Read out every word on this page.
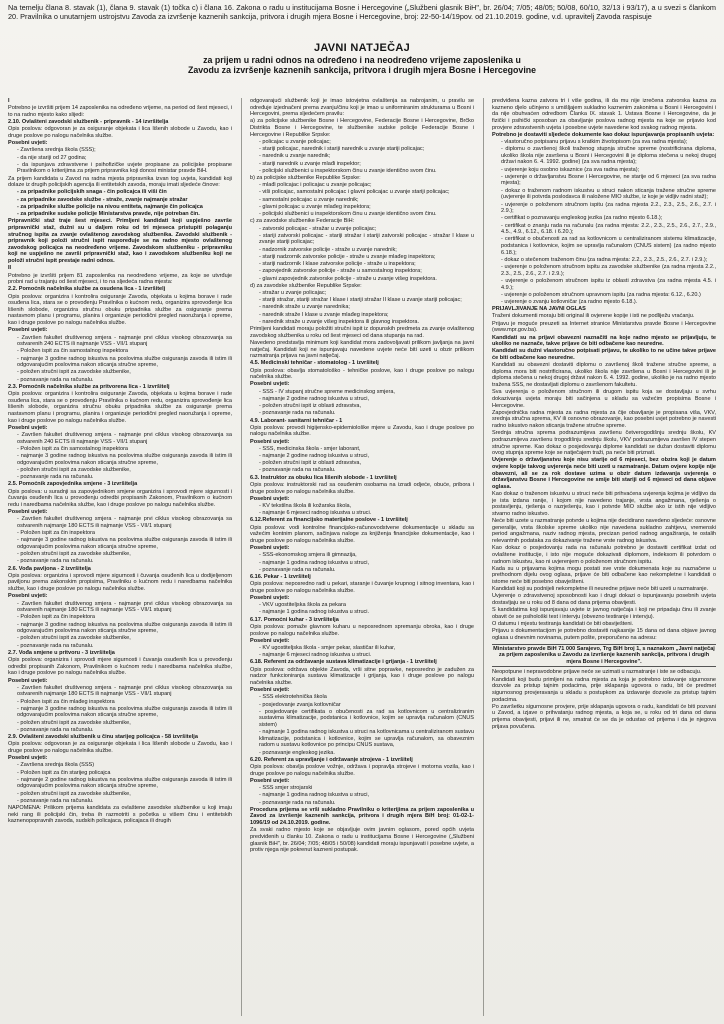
Na temelju člana 8. stavak (1), člana 9. stavak (1) točka c) i člana 16. Zakona o radu u institucijama Bosne i Hercegovine („Službeni glasnik BiH", br. 26/04; 7/05; 48/05; 50/08, 60/10, 32/13 i 93/17), a u svezi s člankom 20. Pravilnika o unutarnjem ustrojstvu Zavoda za izvršenje kaznenih sankcija, pritvora i drugih mjera Bosne i Hercegovine, broj: 22-50-14/19pov. od 21.10.2019. godine, v.d. upravitelj Zavoda raspisuje
JAVNI NATJEČAJ
za prijem u radni odnos na određeno i na neodređeno vrijeme zaposlenika u
Zavodu za izvršenje kaznenih sankcija, pritvora i drugih mjera Bosne i Hercegovine

I

Potrebno je izvršiti prijem 14 zaposlenika na određeno vrijeme, na period od šest mjeseci, i to na radno mjesto kako slijedi:

2.10. Ovlašteni zavodski službenik - pripravnik - 14 izvršitelja

Opis poslova: odgovoran je za osiguranje objekata i lica lišenih slobode u Zavodu, kao i druge poslove po nalogu načelnika službe.

Posebni uvjeti:

- Završena srednja škola (SSS);

- da nije stariji od 27 godina;

- da ispunjava zdravstvene i psihofizičke uvjete propisane za policijske propisane Pravilnikom o kriterijima za prijem pripravnika koji donosi ministar pravde BiH.

Za prijem kandidata u Zavod na radna mjesta pripravnika izvan tog uvjeta, kandidati koji dolaze iz drugih policijskih agencija ili entitetskih zavoda, moraju imati sljedeće činove:

- za pripadnike policijskih snaga - čin policajca ili viši čin

- za pripadnike zavodske službe - straže, zvanje najmanje stražar

- za pripadnike službe policije na nivou entiteta, najmanje čin policajca

- za pripadnike sudske policije Ministarstva pravde, nije potreban čin.

Pripravnički staž traje šest mjeseci. Primljeni kandidati koji uspješno završe pripravnički staž, dužni su u daljem roku od tri mjeseca pristupiti polaganju stručnog ispita za zvanje ovlaštenog zavodskog službenika. Zavodski službenik - pripravnik koji položi stručni ispit raspoređuje se na radno mjesto ovlaštenog zavodskog policajca na neodređeno vrijeme. Zavodskom službeniku - pripravniku koji ne uspješno ne završi pripravnički staž, kao i zavodskom službeniku koji ne položi stručni ispit prestaje radni odnos.

II

Potrebno je izvršiti prijem 81 zaposlenika na neodređeno vrijeme, za koje se utvrđuje probni rad u trajanju od šest mjeseci, i to na sljedeća radna mjesta:

2.2. Pomoćnik načelnika službe za osudena lica - 1 izvršitelj

Opis poslova: organizira i kontrolira osiguranje Zavoda, objekata u kojima borave i rade osuđena lica, stara se o provođenju Pravilnika o kućnom redu, organizira sprovođenje lica lišenih slobode, organizira stručnu obuku pripadnika službe za osiguranje prema nastavnom planu i programu, planira i organizuje periodični pregled naoružanja i opreme, kao i druge poslove po nalogu načelnika službe.

Posebni uvjeti:

- Završen fakultet društvenog smjera - najmanje prvi ciklus visokog obrazovanja sa ostvarenih 240 ECTS ili najmanje VSS - VII/1 stupanj

- Položen ispit za čin samostalnog inspektora

- najmanje 3 godine radnog iskustva na poslovima službe osiguranja zavoda ili istim ili odgovarajućim poslovima nakon sticanja stručne spreme,

- položen stručni ispit za zavodske službenike,

- poznavanje rada na računalu.

2.3. Pomoćnik načelnika službe za pritvorena lica - 1 izvršitelj

Opis poslova: organizira i kontrolira osiguranje Zavoda, objekata u kojima borave i rade osuđena lica, stara se o provođenju Pravilnika o kućnom redu, organizira sprovođenje lica lišenih slobode, organizira stručnu obuku pripadnika službe za osiguranje prema nastavnom planu i programu, planira i organizuje periodični pregled naoružanja i opreme, kao i druge poslove po nalogu načelnika službe.

Posebni uvjeti:

- Završen fakultet društvenog smjera - najmanje prvi ciklus visokog obrazovanja sa ostvarenih 240 ECTS ili najmanje VSS - VII/1 stupanj

- Položen ispit za čin samostalnog inspektora

- najmanje 3 godine radnog iskustva na poslovima službe osiguranja zavoda ili istim ili odgovarajućim poslovima nakon sticanja stručne spreme,

- položen stručni ispit za zavodske službenike,

- poznavanje rada na računalu.

2.5. Pomoćnik zapovjednika smjene - 3 izvršitelja

Opis poslova: u suradnji sa zapovjednikom smjene organizira i sprovodi mjere sigurnosti i čuvanja osuđenih lica u provođenju odredbi propisanih Zakonom, Pravilnikom o kućnom redu i naredbama načelnika službe, kao i druge poslove po nalogu načelnika službe.

Posebni uvjeti:

- Završen fakultet društvenog smjera - najmanje prvi ciklus visokog obrazovanja sa ostvarenih najmanje 180 ECTS ili najmanje VSS - VII/1 stupanj

- Položen ispit za čin inspektora

- najmanje 3 godine radnog iskustva na poslovima službe osiguranja zavoda ili istim ili odgovarajućim poslovima nakon sticanja stručne spreme,

- položen stručni ispit za zavodske službenike,

- poznavanje rada na računalu.

2.6. Vođa pavljona - 2 izvršitelja

Opis poslova: organizira i sprovodi mjere sigurnosti i čuvanja osuđenih lica u dodijeljenom paviljonu prema zakonskim propisima, Pravilniku o kućnom redu i naredbama načelnika službe, kao i druge poslove po nalogu načelnika službe.

Posebni uvjeti:

- Završen fakultet društvenog smjera - najmanje prvi ciklus visokog obrazovanja sa ostvarenih najmanje 180 ECTS ili najmanje VSS - VII/1 stupanj

- Položen ispit za čin inspektora

- najmanje 3 godine radnog iskustva na poslovima službe osiguranja zavoda ili istim ili odgovarajućim poslovima nakon sticanja stručne spreme,

- položen stručni ispit za zavodske službenike,

- poznavanje rada na računalu.

2.7. Vođa smjene u pritvoru - 3 izvršitelja

Opis poslova: organizira i sprovodi mjere sigurnosti i čuvanja osuđenih lica u provođenju odredbi propisanih Zakonom, Pravilnikom o kućnom redu i naredbama načelnika službe, kao i druge poslove po nalogu načelnika službe.

Posebni uvjeti:

- Završen fakultet društvenog smjera - najmanje prvi ciklus visokog obrazovanja sa ostvarenih najmanje 180 ECTS ili najmanje VSS - VII/1 stupanj

- Položen ispit za čin mlađeg inspektora

- najmanje 3 godine radnog iskustva na poslovima službe osiguranja zavoda ili istim ili odgovarajućim poslovima nakon sticanja stručne spreme,

- položen stručni ispit za zavodske službenike,

- poznavanje rada na računalu.

2.9. Ovlašteni zavodski službenik u činu starijeg policajca - 58 izvršitelja

Opis poslova: odgovoran je za osiguranje objekata i lica lišenih slobode u Zavodu, kao i druge poslove po nalogu načelnika službe.

Posebni uvjeti:

- Završena srednja škola (SSS)

- Položen ispit za čin starijeg policajca

- najmanje 2 godine radnog iskustva na poslovima službe osiguranja zavoda ili istim ili odgovarajućim poslovima nakon sticanja stručne spreme,

- položen stručni ispit za zavodske službenike,

- poznavanje rada na računalu.

NAPOMENA: Prilikom prijema kandidata za ovlaštene zavodske službenike u koji imaju neki rang ili policijski čin, treba ih razmotriti s početka u višem činu i entitetskih kaznenopopravnih zavoda, sudskih policajaca, policajaca ili drugih

odgovarajući službenik koji je imao istovjetna ovlaštenja sa nabrojanim, u pravilu se određuje izjednačeni prema zvanju/činu koji je imao u uniformiranim strukturama u Bosni i Hercegovini, prema sljedećem pravilu:

a) za policijske službenike Bosne i Hercegovine, Federacije Bosne i Hercegovine, Brčko Distrikta Bosne i Hercegovine, te službenike sudske policije Federacije Bosne i Hercegovine i Republike Srpske:

- policajac u zvanje policajac;

- stariji policajac, narednik i stariji narednik u zvanje stariji policajac;

- narednik u zvanje narednik;

- stariji narednik u zvanje mlađi inspektor;

- policijski službenici u inspektorskom činu u zvanje identično svom činu.

b) za policijske službenike Republike Srpske:

- mlađi policajac i policajac u zvanje policajac;

- viši policajac, samostalni policajac i glavni policajac u zvanje stariji policajac;

- samostalni policajac u zvanje narednik;

- glavni policajac u zvanje mlađeg inspektora;

- policijski službenici u inspektorskom činu u zvanje identično svom činu.

c) za zavodske službenike Federacije BiH:

- zatvorski policajac - stražar u zvanje policajac;

- stariji zatvorski policajac - stariji stražar i stariji zatvorski policajac - stražar I klase u zvanje stariji policajac;

- nadzornik zatvorske policije - straže u zvanje narednik;

- stariji nadzornik zatvorske policije - straže u zvanje mlađeg inspektora;

- stariji nadzornik I klase zatvorske policije - straže u inspektora;

- zapovjednik zatvorske policije - straže u samostalnog inspektora;

- glavni zapovjednik zatvorske policije - straže u zvanje višeg inspektora.

d) za zavodske službenike Republike Srpske:

- stražar u zvanje policajac;

- stariji stražar, stariji stražar I klase i stariji stražar II klase u zvanje stariji policajac;

- narednik straže u zvanje narednika;

- narednik straže I klase u zvanje mlađeg inspektora;

- narednik straže u zvanje višeg inspektora ili glavnog inspektora.

Primljeni kandidati moraju položiti stručni ispit iz dopunskih predmeta za zvanje ovlaštenog zavodskog službenika u roku od šest mjeseci od dana stupanja na rad.

Navedeno predstavlja minimum koji kandidat mora zadovoljavati prilikom javljanja na javni natječaj. Kandidati koji ne ispunjavaju navedene uvjete neće biti uzeti u obzir prilikom razmatranja prijava na javni natječaj.

4.5. Medicinski tehničar - stomatolog - 1 izvršitelj

Opis poslova: obavlja stomatološko - tehničke poslove, kao i druge poslove po nalogu načelnika službe.

Posebni uvjeti:

- SSS - IV stupanj stručne spreme medicinskog smjera,

- najmanje 2 godine radnog iskustva u struci,

- položen stručni ispit iz oblasti zdravstva,

- poznavanje rada na računalu.

4.9. Laborant- sanitarni tehničar - 1

Opis poslova: provodi higijensko-epidemiološke mjere u Zavodu, kao i druge poslove po nalogu načelnika službe.

Posebni uvjeti:

- SSS, medicinska škola - smjer laborant,

- najmanje 2 godine radnog iskustva u struci,

- položen stručni ispit iz oblasti zdravstva,

- poznavanje rada na računalu.

6.3. Instruktor za obuku lica lišenih slobode - 1 izvršitelj

Opis poslova: instruktorski rad sa osuđenim osobama na izradi odjeće, obuće, pribora i druge poslove po nalogu načelnika službe.

Posebni uvjeti:

- KV tekstilna škola ili kožarska škola,

- najmanje 6 mjeseci radnog iskustva u struci.

6.12.Referent za financijsko materijalne poslove - 1 izvršitelj

Opis poslova: vodi kontrolne financijsko-računovodstvene dokumentacije u skladu sa važećim kontnim planom, sačinjava naloge za knjiženja financijske dokumentacije, kao i druge poslove po nalogu načelnika službe.

Posebni uvjeti:

- SSS-ekonomskog smjera ili gimnazija,

- najmanje 1 godina radnog iskustva u struci,

- poznavanje rada na računalu.

6.16. Pekar - 1 izvršitelj

Opis poslova: neposredno radi u pekari, staranje i čuvanje krupnog i sitnog inventara, kao i druge poslove po nalogu načelnika službe.

Posebni uvjeti:

- VKV ugostiteljska škola za pekara

- najmanje 1 godina radnog iskustva u struci.

6.17. Pomoćni kuhar - 3 izvršitelja

Opis poslova: pomaže glavnom kuharu u neposrednom spremanju obroka, kao i druge poslove po nalogu načelnika službe.

Posebni uvjeti:

- KV ugostiteljska škola - smjer pekar, slastičar ili kuhar,

- najmanje 6 mjeseci radnog iskustva u struci.

6.18. Referent za održavanje sustava klimatizacije i grijanja - 1 izvršitelj

Opis poslova: održava objekte Zavoda, vrši sitne popravke, neposredno je zadužen za nadzor funkcioniranja sustava klimatizacije i grijanja, kao i druge poslove po nalogu načelnika službe.

Posebni uvjeti:

- SSS elektrotehnička škola

- posjedovanje zvanja kotlovničar

- posjedovanje certifikata o obučenosti za rad sa kotlovnicom u centraliziranim sustavima klimatizacije, podstanica i kotlovnice, kojim se upravlja računalom (CNUS sistem)

- najmanje 1 godina radnog iskustva u struci na kotlovnicama u centraliziranom sustavu klimatizacije, podstanica i kotlovnice, kojim se upravlja računalom, sa obaveznim radom u sustavu kotlovnice po principu CNUS sustava,

- poznavanje engleskog jezika.

6.20. Referent za upravljanje i održavanje strojeva - 1 izvršitelj

Opis poslova: obavlja poslove vožnje, održava i popravlja strojeve i motorna vozila, kao i druge poslove po nalogu načelnika službe.

Posebni uvjeti:

- SSS smjer strojarski

- najmanje 1 godina radnog iskustva u struci,

- poznavanje rada na računalu.

Procedura prijema se vrši sukladno Pravilniku o kriterijima za prijem zaposlenika u Zavod za izvršenje kaznenih sankcija, pritvora i drugih mjera BiH broj: 01-02-1-1096/19 od 24.10.2019. godine.

Za svaki radno mjesto koje se objavljuje ovim javnim oglasom, pored općih uvjeta predviđenih u članku 10. Zakona o radu u institucijama Bosne i Hercegovine („Službeni glasnik BiH", br. 26/04; 7/05; 48/05 i 50/08) kandidati moraju ispunjavati i posebne uvjete, a protiv njega nije pokrenut kazneni postupak.

predviđena kazna zatvora tri i više godina, ili da mu nije izrečena zatvorska kazna za kazneno djelo učinjeno s umišljajem sukladno kaznenim zakonima u Bosni i Hercegovini i da nije obuhvaćen odredbom Članka IX. stavak 1. Ustava Bosne i Hercegovine, da je fizički i psihički sposoban za obavljanje poslova radnog mjesta na koje se prijavio kod provjere zdravstvenih uvjeta i posebne uvjete navedene kod svakog radnog mjesta.

Potrebno je dostaviti sljedeće dokumente kao dokaz ispunjavanja propisanih uvjeta:

- vlastoručno potpisanu prijavu s kratkim životopisom (za sva radna mjesta);

- diplomu o završenoj školi traženog stupnja stručne spreme (nostrificirana diploma, ukoliko škola nije završena u Bosni i Hercegovini ili je diploma stečena u nekoj drugoj državi nakon 6. 4. 1992. godine) (za sva radna mjesta);

- uvjerenje koju osobno iskaznice (za sva radna mjesta);

- uvjerenje o državljanstvu Bosne i Hercegovine, ne starije od 6 mjeseci (za sva radna mjesta);

- dokaz o traženom radnom iskustvu u struci nakon sticanja tražene stručne spreme (uvjerenje ili potvrda poslodavca ili naložene MIO službe, iz koje je vidljiv radni staž);

- uvjerenje o položenom stručnom ispitu (za radna mjesta 2.2., 2.3., 2.5., 2.6., 2.7. i 2.9.);

- certifikat o poznavanju engleskog jezika (za radno mjesto 6.18.);

- certifikat o znanju rada na računalu (za radna mjesta: 2.2., 2.3., 2.5., 2.6., 2.7., 2.9., 4.5., 4.9., 6.12., 6.18. i 6.20.);

- certifikat o obučenosti za rad sa kotlovnicom u centraliziranom sistemu klimatizacije, podstanica i kotlovnice, kojim se upravlja računalom (CNUS sistem) (za radno mjesto 6.18.);

- dokaz o stečenom traženom činu (za radna mjesta: 2.2., 2.3., 2.5., 2.6., 2.7. i 2.9.);

- uvjerenje o položenom stručnom ispitu za zavodske službenike (za radna mjesta 2.2., 2.3., 2.5., 2.6., 2.7. i 2.9.);

- uvjerenje o položenom stručnom ispitu iz oblasti zdravstva (za radna mjesta 4.5. i 4.9.);

- uvjerenje o položenom stručnom upravnom ispitu (za radna mjesta: 6.12., 6.20.)

- uvjerenje o zvanju kotlovničar (za radno mjesto 6.18.).

PRIJAVLJIVANJE NA JAVNI OGLAS

Traženi dokumenti moraju biti original ili ovjerene kopije i isti ne podliježu vraćanju.

Prijavu je moguće preuzeti sa Internet stranice Ministarstva pravde Bosne i Hercegovine (www.mpr.gov.ba).

Kandidati su na prijavi obavezni naznačiti na koje radno mjesto se prijavljuju, te ukoliko ne naznače, takve prijave će biti odbačene kao neuredne.

Kandidati su dužni vlastoručno potpisati prijavu, te ukoliko to ne učine takve prijave će biti odbačene kao neuredne.

Kandidati su obavezni dostaviti diplomu o završenoj školi tražene stručne spreme, a diploma mora biti nostrificirana, ukoliko škola nije završena u Bosni i Hercegovini ili je diploma stečena u nekoj drugoj državi nakon 6. 4. 1992. godine, ukoliko je na radno mjesto tražena SSS, ne dostavljati diplomu o završenom fakultetu.

Sva uvjerenja o položenom stručnom ili drugom ispitu koja se dostavljaju u svrhu dokazivanja uvjeta moraju biti sačinjena u skladu sa važećim propisima Bosne i Hercegovine.

Zapovjednička radna mjesta za radna mjesta za čije obavljanje je propisana viša, VKV, srednja stručna sprema, KV ili osnovno obrazovanje, kao posebni uvjet potrebno je navesti radno iskustvo nakon sticanja tražene stručne spreme.

Srednja stručna sprema podrazumijeva završenu četverogodišnju srednju školu, KV podrazumijeva završenu trogodišnju srednju školu, VKV podrazumijeva završen IV stepen stručne spreme. Kao dokaz o posjedovanju diplome kandidati se dužan dostaviti diplomu ovog stupnja spreme koje se natječajem traži, pa neće biti priznati.

Uvjerenje o državljanstvu koje nisu starije od 6 mjeseci, bez obzira koji je datum ovjere kopije takvog uvjerenja neće biti uzeti u razmatranje. Datum ovjere kopije nije obavezni, ali se za rok dostave uzima u obzir datum izdavanja uvjerenja o državljanstvu Bosne i Hercegovine ne smije biti stariji od 6 mjeseci od dana objave oglasa.

Kao dokaz o traženom iskustvu u struci neće biti prihvaćena uvjerenja kojima je vidljivo da je ista izdana ranije, i kojom nije navedeno trajanje, vrsta angažmana, rješenja o postavljenju, rješenja o razrješenju, kao i potvrde MIO službe ako iz istih nije vidljivo stvarno radno iskustvo.

Neće biti uzete u razmatranje potvrde u kojima nije decidirano navedeno sljedeće: osnovne generalije, vrsta školske spreme ukoliko nije navedena sukladno zahtjevu, vremenski period angažmana, naziv radnog mjesta, precizan period radnog angažiranja, te ostalih relevantnih podataka za dokazivanje tražene vrste radnog iskustva.

Kao dokaz o posjedovanju rada na računalu potrebno je dostaviti certifikat izdat od ovlaštene institucije, i isto nije moguće dokazivati diplomom, indeksom ili potvrdom o radnom iskustvu, kao ni uvjerenjem o položenom stručnom ispitu.

Kada su u prijavama kojima mogu postati sve vrste dokumenata koje su naznačene u prethodnom dijelu ovog oglasa, prijave će biti odbačene kao nekompletne i kandidati o istome neće biti posebno obavješteni.

Kandidati koji su podnijeli nekompletne ili neuredne prijave neće biti uzeti u razmatranje.

Uvjerenje o zdravstvenoj sposobnosti kao i drugi dokazi o ispunjavanju posebnih uvjeta dostavljaju se u roku od 8 dana od dana prijema obavijesti.

S kandidatima koji ispunjavaju uvjete iz javnog natječaja i koji ne pripadaju činu ili zvanje obavit će se psihološki test i intervju (obvezno testiranje i intervju).

O datumu i mjestu testiranja kandidati će biti obaviješteni.

Prijavu s dokumentacijom je potrebno dostaviti najkasnije 15 dana od dana objave javnog oglasa u dnevnim novinama, putem pošte, preporučeno na adresu:

Ministarstvo pravde BiH 71 000 Sarajevo, Trg BiH broj 1, s naznakom „Javni natječaj za prijem zaposlenika u Zavodu za izvršenje kaznenih sankcija, pritvora i drugih mjera Bosne i Hercegovine".

Neopotpune i nepravodobne prijave neće se uzimati u razmatranje i iste se odbacuju.

Kandidati koji budu primljeni na radna mjesta za koja je potrebno izdavanje sigurnosne dozvole za pristup tajnim podacima, prije sklapanja ugovora o radu, bit će predmet sigurnosnog provjeravanja u skladu s postupkom za izdavanje dozvole za pristup tajnim podacima.

Po završetku sigurnosne provjere, prije sklapanja ugovora o radu, kandidati će biti pozvani u Zavod, a izjave o prihvatanju radnog mjesta, a koja se, u roku od tri dana od dana prijema obavijesti, prijavi ili ne, smatrat će se da je odustao od prijema i da je njegova prijava povučena.
